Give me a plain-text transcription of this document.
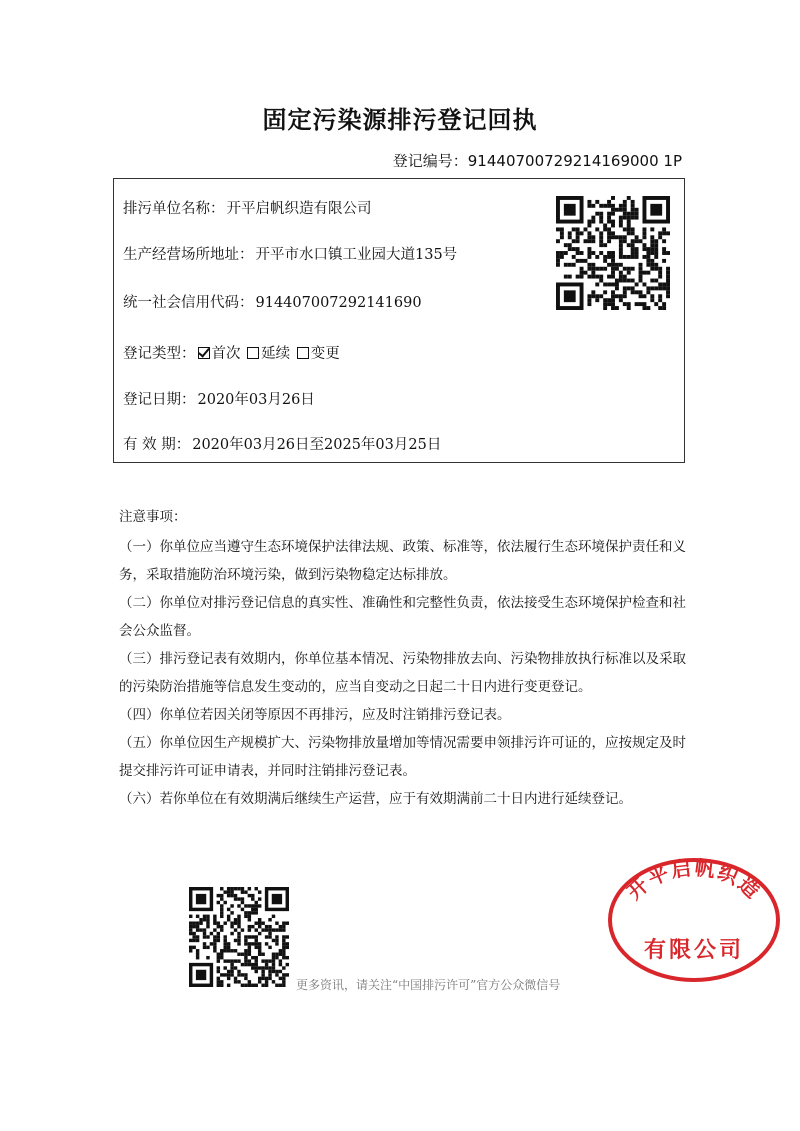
固定污染源排污登记回执
登记编号：91440700729214169000 1P
排污单位名称： 开平启帆织造有限公司
生产经营场所地址： 开平市水口镇工业园大道135号
统一社会信用代码： 914407007292141690
登记类型： 首次 延续 变更
登记日期： 2020年03月26日
有 效 期： 2020年03月26日至2025年03月25日
注意事项：
（一）你单位应当遵守生态环境保护法律法规、政策、标准等，依法履行生态环境保护责任和义务，采取措施防治环境污染，做到污染物稳定达标排放。
（二）你单位对排污登记信息的真实性、准确性和完整性负责，依法接受生态环境保护检查和社会公众监督。
（三）排污登记表有效期内，你单位基本情况、污染物排放去向、污染物排放执行标准以及采取的污染防治措施等信息发生变动的，应当自变动之日起二十日内进行变更登记。
（四）你单位若因关闭等原因不再排污，应及时注销排污登记表。
（五）你单位因生产规模扩大、污染物排放量增加等情况需要申领排污许可证的，应按规定及时提交排污许可证申请表，并同时注销排污登记表。
（六）若你单位在有效期满后继续生产运营，应于有效期满前二十日内进行延续登记。
更多资讯，请关注“中国排污许可”官方公众微信号
开平启帆织造
有限公司
